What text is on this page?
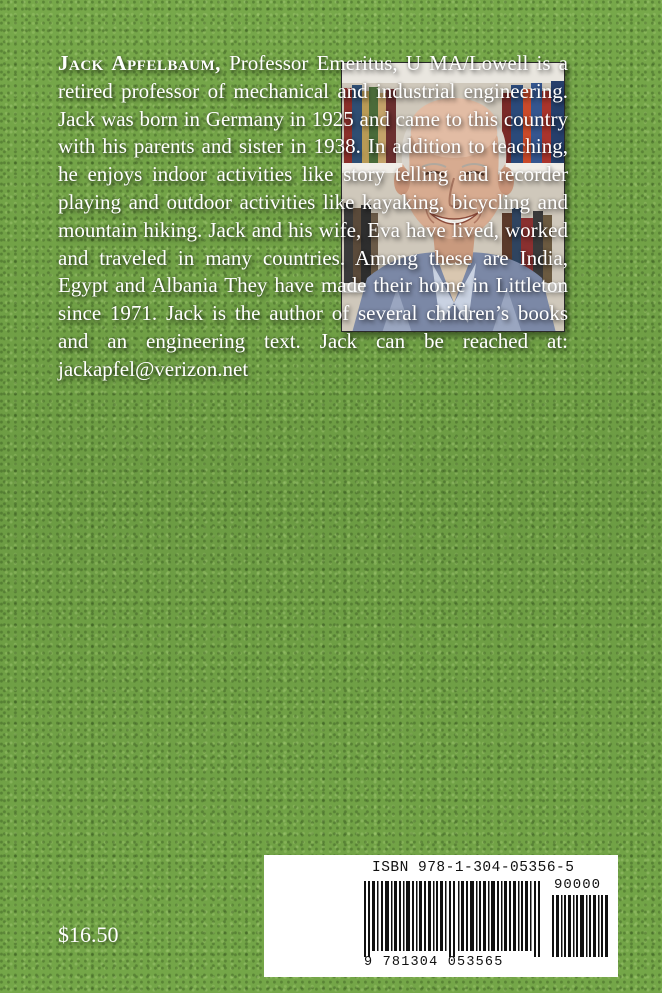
Jack Apfelbaum, Professor Emeritus, U MA/Lowell is a retired professor of mechanical and industrial engineering. Jack was born in Germany in 1925 and came to this country with his parents and sister in 1938. In addition to teaching, he enjoys indoor activities like story telling and recorder playing and outdoor activities like kayaking, bicycling and mountain hiking. Jack and his wife, Eva have lived, worked and traveled in many countries. Among these are India, Egypt and Albania They have made their home in Littleton since 1971. Jack is the author of several children’s books and an engineering text. Jack can be reached at: jackapfel@verizon.net
$16.50
ISBN 978-1-304-05356-5
90000
9 781304 053565
